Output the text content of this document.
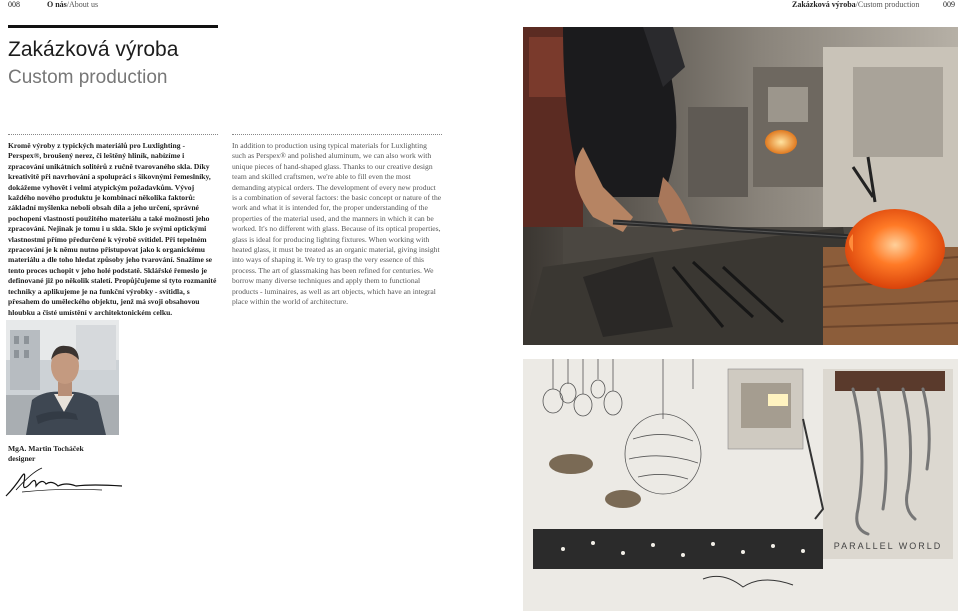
008	O nás/About us	Zakázková výroba/Custom production	009
Zakázková výroba
Custom production
Kromě výroby z typických materiálů pro Luxlighting - Perspex®, broušený nerez, či leštěný hliník, nabízíme i zpracování unikátních solitérů z ručně tvarovaného skla. Díky kreativitě při navrhování a spolupráci s šikovnými řemeslníky, dokážeme vyhovět i velmi atypickým požadavkům. Vývoj každého nového produktu je kombinací několika faktorů: základní myšlenka neboli obsah díla a jeho určení, správné pochopení vlastností použitého materiálu a také možnosti jeho zpracování. Nejinak je tomu i u skla. Sklo je svými optickými vlastnostmi přímo předurčené k výrobě svítidel. Při tepelném zpracování je k němu nutno přistupovat jako k organickému materiálu a dle toho hledat způsoby jeho tvarování. Snažíme se tento proces uchopit v jeho holé podstatě. Sklářské řemeslo je definované již po několik staletí. Propůjčujeme si tyto rozmanité techniky a aplikujeme je na funkční výrobky - svítidla, s přesahem do uměleckého objektu, jenž má svoji obsahovou hloubku a čisté umístění v architektonickém celku.
In addition to production using typical materials for Luxlighting such as Perspex® and polished aluminum, we can also work with unique pieces of hand-shaped glass. Thanks to our creative design team and skilled craftsmen, we're able to fill even the most demanding atypical orders. The development of every new product is a combination of several factors: the basic concept or nature of the work and what it is intended for, the proper understanding of the properties of the material used, and the manners in which it can be worked. It's no different with glass. Because of its optical properties, glass is ideal for producing lighting fixtures. When working with heated glass, it must be treated as an organic material, giving insight into ways of shaping it. We try to grasp the very essence of this process. The art of glassmaking has been refined for centuries. We borrow many diverse techniques and apply them to functional products - luminaires, as well as art objects, which have an integral place within the world of architecture.
MgA. Martin Tocháček
designer
PARALLEL WORLD
